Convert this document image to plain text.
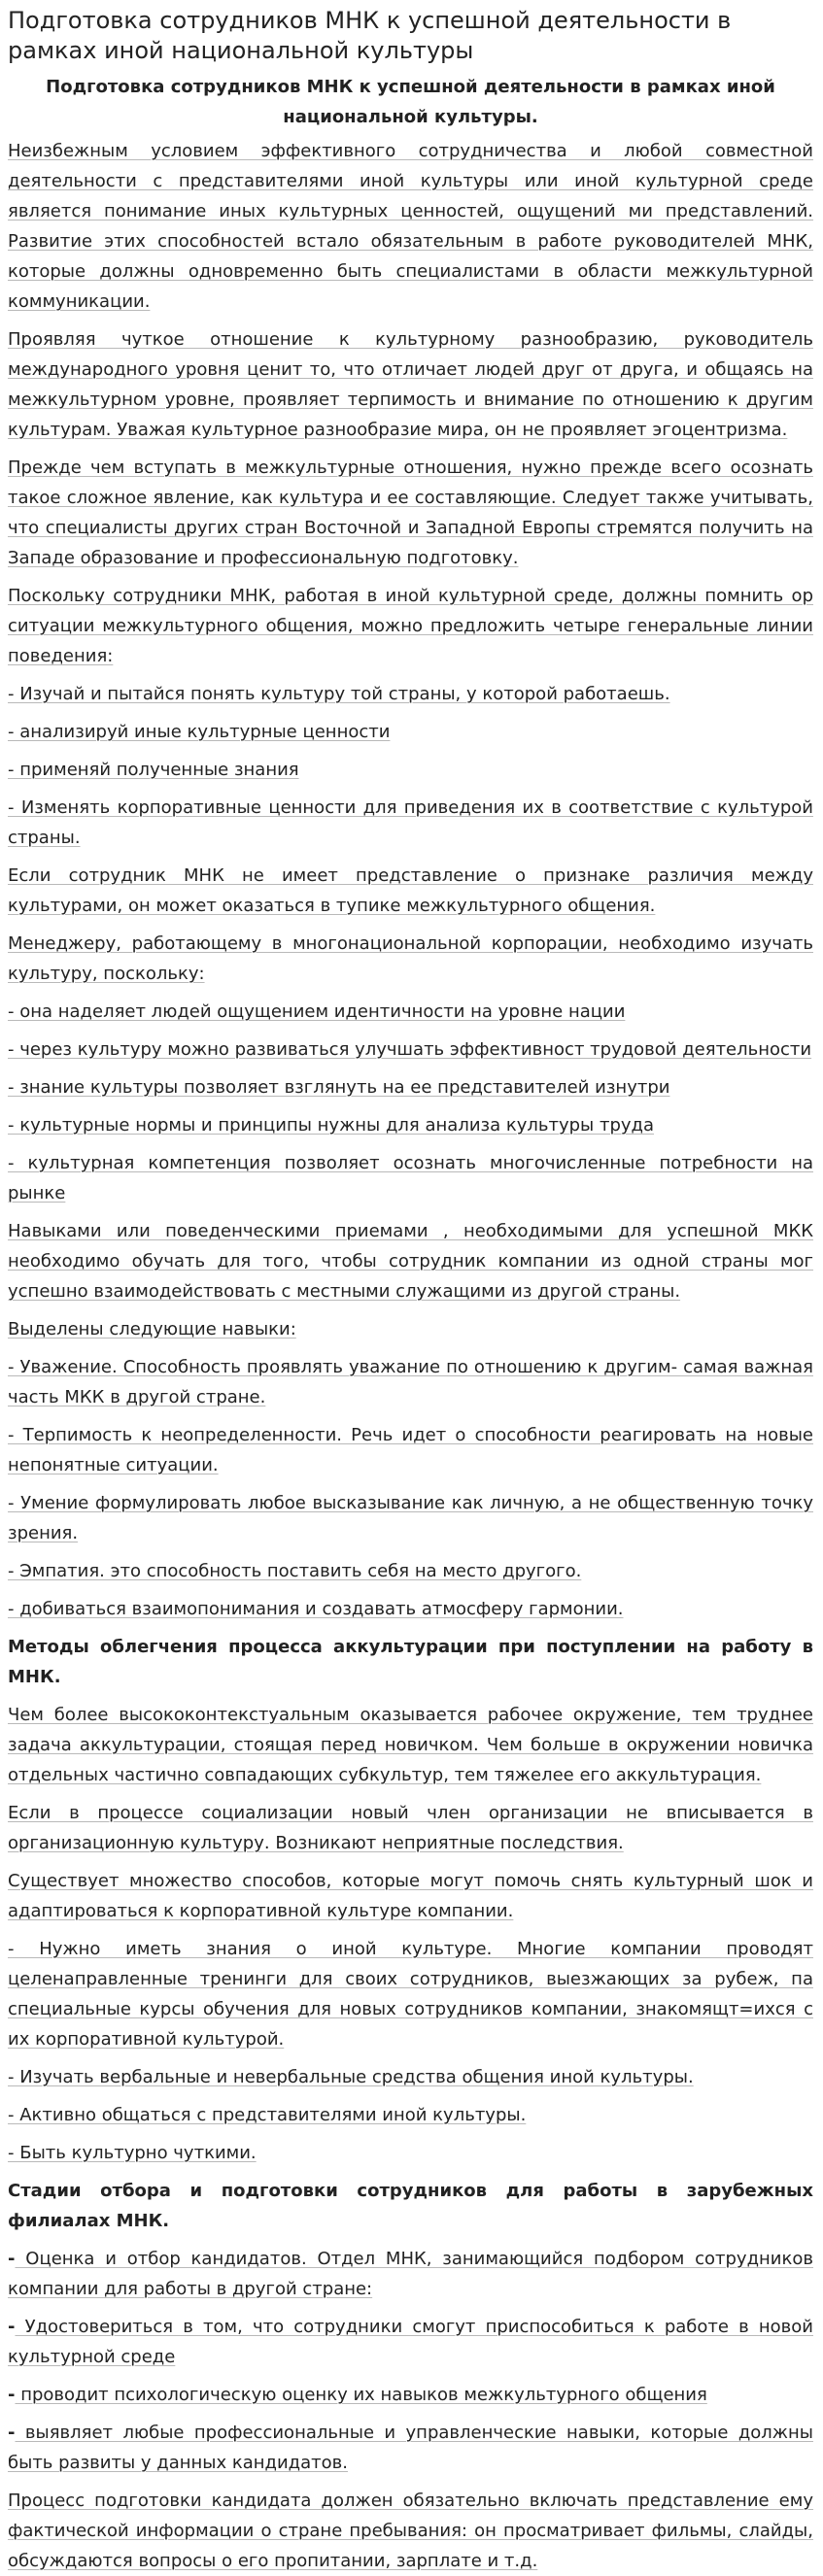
Подготовка сотрудников МНК к успешной деятельности в рамках иной национальной культуры
Подготовка сотрудников МНК к успешной деятельности в рамках иной национальной культуры.
Неизбежным условием эффективного сотрудничества и любой совместной деятельности с представителями иной культуры или иной культурной среде является понимание иных культурных ценностей, ощущений ми представлений. Развитие этих способностей встало обязательным в работе руководителей МНК, которые должны одновременно быть специалистами в области межкультурной коммуникации.
Проявляя чуткое отношение к культурному разнообразию, руководитель международного уровня ценит то, что отличает людей друг от друга, и общаясь на межкультурном уровне, проявляет терпимость и внимание по отношению к другим культурам. Уважая культурное разнообразие мира, он не проявляет эгоцентризма.
Прежде чем вступать в межкультурные отношения, нужно прежде всего осознать такое сложное явление, как культура и ее составляющие. Следует также учитывать, что специалисты других стран Восточной и Западной Европы стремятся получить на Западе образование и профессиональную подготовку.
Поскольку сотрудники МНК, работая в иной культурной среде, должны помнить ор ситуации межкультурного общения, можно предложить четыре генеральные линии поведения:
- Изучай и пытайся понять культуру той страны, у которой работаешь.
- анализируй иные культурные ценности
- применяй полученные знания
- Изменять корпоративные ценности для приведения их в соответствие с культурой страны.
Если сотрудник МНК не имеет представление о признаке различия между культурами, он может оказаться в тупике межкультурного общения.
Менеджеру, работающему в многонациональной корпорации, необходимо изучать культуру, поскольку:
- она наделяет людей ощущением идентичности на уровне нации
- через культуру можно развиваться улучшать эффективност трудовой деятельности
- знание культуры позволяет взглянуть на ее представителей изнутри
- культурные нормы и принципы нужны для анализа культуры труда
- культурная компетенция позволяет осознать многочисленные потребности на рынке
Навыками или поведенческими приемами , необходимыми для успешной МКК необходимо обучать для того, чтобы сотрудник компании из одной страны мог успешно взаимодействовать с местными служащими из другой страны.
Выделены следующие навыки:
- Уважение. Способность проявлять уважание по отношению к другим- самая важная часть МКК в другой стране.
- Терпимость к неопределенности. Речь идет о способности реагировать на новые непонятные ситуации.
- Умение формулировать любое высказывание как личную, а не общественную точку зрения.
- Эмпатия. это способность поставить себя на место другого.
- добиваться взаимопонимания и создавать атмосферу гармонии.
Методы облегчения процесса аккультурации при поступлении на работу в МНК.
Чем более высококонтекстуальным оказывается рабочее окружение, тем труднее задача аккультурации, стоящая перед новичком. Чем больше в окружении новичка отдельных частично совпадающих субкультур, тем тяжелее его аккультурация.
Если в процессе социализации новый член организации не вписывается в организационную культуру. Возникают неприятные последствия.
Существует множество способов, которые могут помочь снять культурный шок и адаптироваться к корпоративной культуре компании.
- Нужно иметь знания о иной культуре. Многие компании проводят целенаправленные тренинги для своих сотрудников, выезжающих за рубеж, па специальные курсы обучения для новых сотрудников компании, знакомящт=ихся с их корпоративной культурой.
- Изучать вербальные и невербальные средства общения иной культуры.
- Активно общаться с представителями иной культуры.
- Быть культурно чуткими.
Стадии отбора и подготовки сотрудников для работы в зарубежных филиалах МНК.
- Оценка и отбор кандидатов. Отдел МНК, занимающийся подбором сотрудников компании для работы в другой стране:
- Удостовериться в том, что сотрудники смогут приспособиться к работе в новой культурной среде
- проводит психологическую оценку их навыков межкультурного общения
- выявляет любые профессиональные и управленческие навыки, которые должны быть развиты у данных кандидатов.
Процесс подготовки кандидата должен обязательно включать представление ему фактической информации о стране пребывания: он просматривает фильмы, слайды, обсуждаются вопросы о его пропитании, зарплате и т.д.
